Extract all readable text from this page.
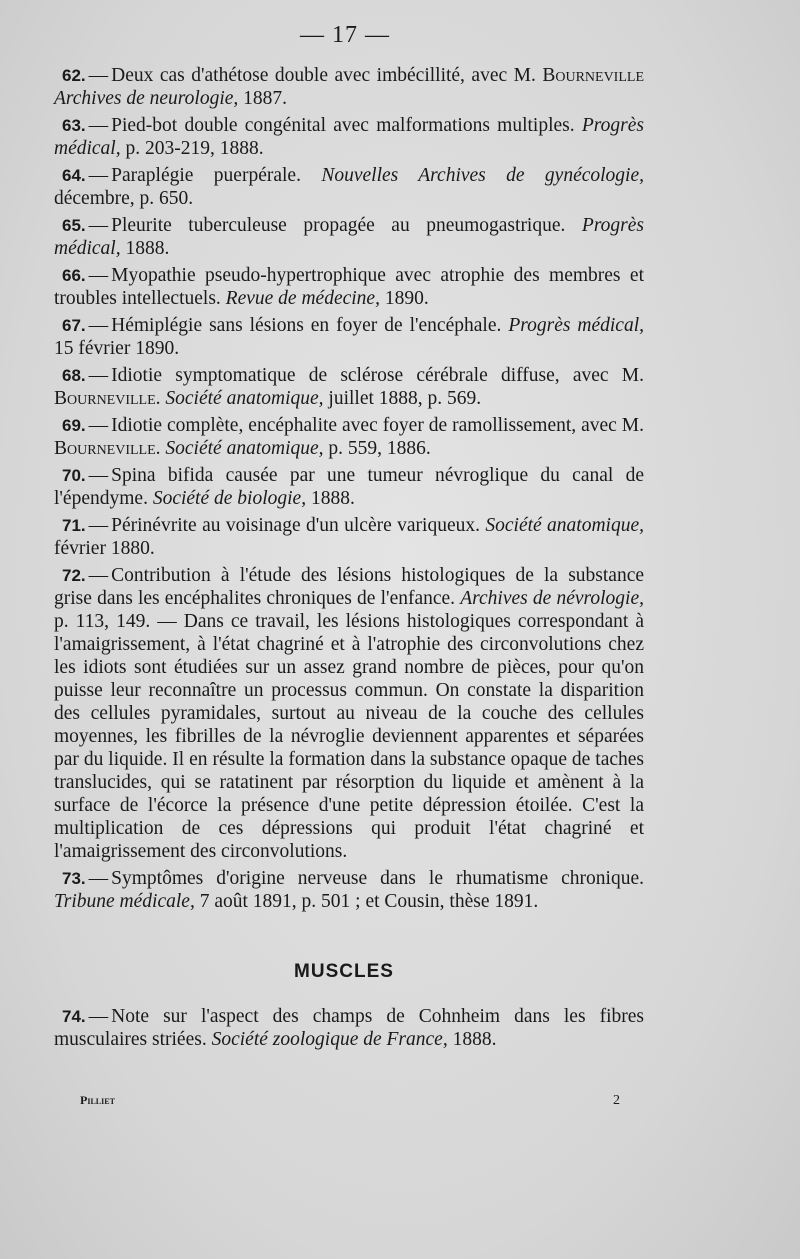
— 17 —

62. — Deux cas d'athétose double avec imbécillité, avec M. Bourneville Archives de neurologie, 1887.

63. — Pied-bot double congénital avec malformations multiples. Progrès médical, p. 203-219, 1888.

64. — Paraplégie puerpérale. Nouvelles Archives de gynécologie, décembre, p. 650.

65. — Pleurite tuberculeuse propagée au pneumogastrique. Progrès médical, 1888.

66. — Myopathie pseudo-hypertrophique avec atrophie des membres et troubles intellectuels. Revue de médecine, 1890.

67. — Hémiplégie sans lésions en foyer de l'encéphale. Progrès médical, 15 février 1890.

68. — Idiotie symptomatique de sclérose cérébrale diffuse, avec M. Bourneville. Société anatomique, juillet 1888, p. 569.

69. — Idiotie complète, encéphalite avec foyer de ramollissement, avec M. Bourneville. Société anatomique, p. 559, 1886.

70. — Spina bifida causée par une tumeur névroglique du canal de l'épendyme. Société de biologie, 1888.

71. — Périnévrite au voisinage d'un ulcère variqueux. Société anatomique, février 1880.

72. — Contribution à l'étude des lésions histologiques de la substance grise dans les encéphalites chroniques de l'enfance. Archives de névrologie, p. 113, 149. — Dans ce travail, les lésions histologiques correspondant à l'amaigrissement, à l'état chagriné et à l'atrophie des circonvolutions chez les idiots sont étudiées sur un assez grand nombre de pièces, pour qu'on puisse leur reconnaître un processus commun. On constate la disparition des cellules pyramidales, surtout au niveau de la couche des cellules moyennes, les fibrilles de la névroglie deviennent apparentes et séparées par du liquide. Il en résulte la formation dans la substance opaque de taches translucides, qui se ratatinent par résorption du liquide et amènent à la surface de l'écorce la présence d'une petite dépression étoilée. C'est la multiplication de ces dépressions qui produit l'état chagriné et l'amaigrissement des circonvolutions.

73. — Symptômes d'origine nerveuse dans le rhumatisme chronique. Tribune médicale, 7 août 1891, p. 501 ; et Cousin, thèse 1891.

MUSCLES

74. — Note sur l'aspect des champs de Cohnheim dans les fibres musculaires striées. Société zoologique de France, 1888.

Pilliet	2
